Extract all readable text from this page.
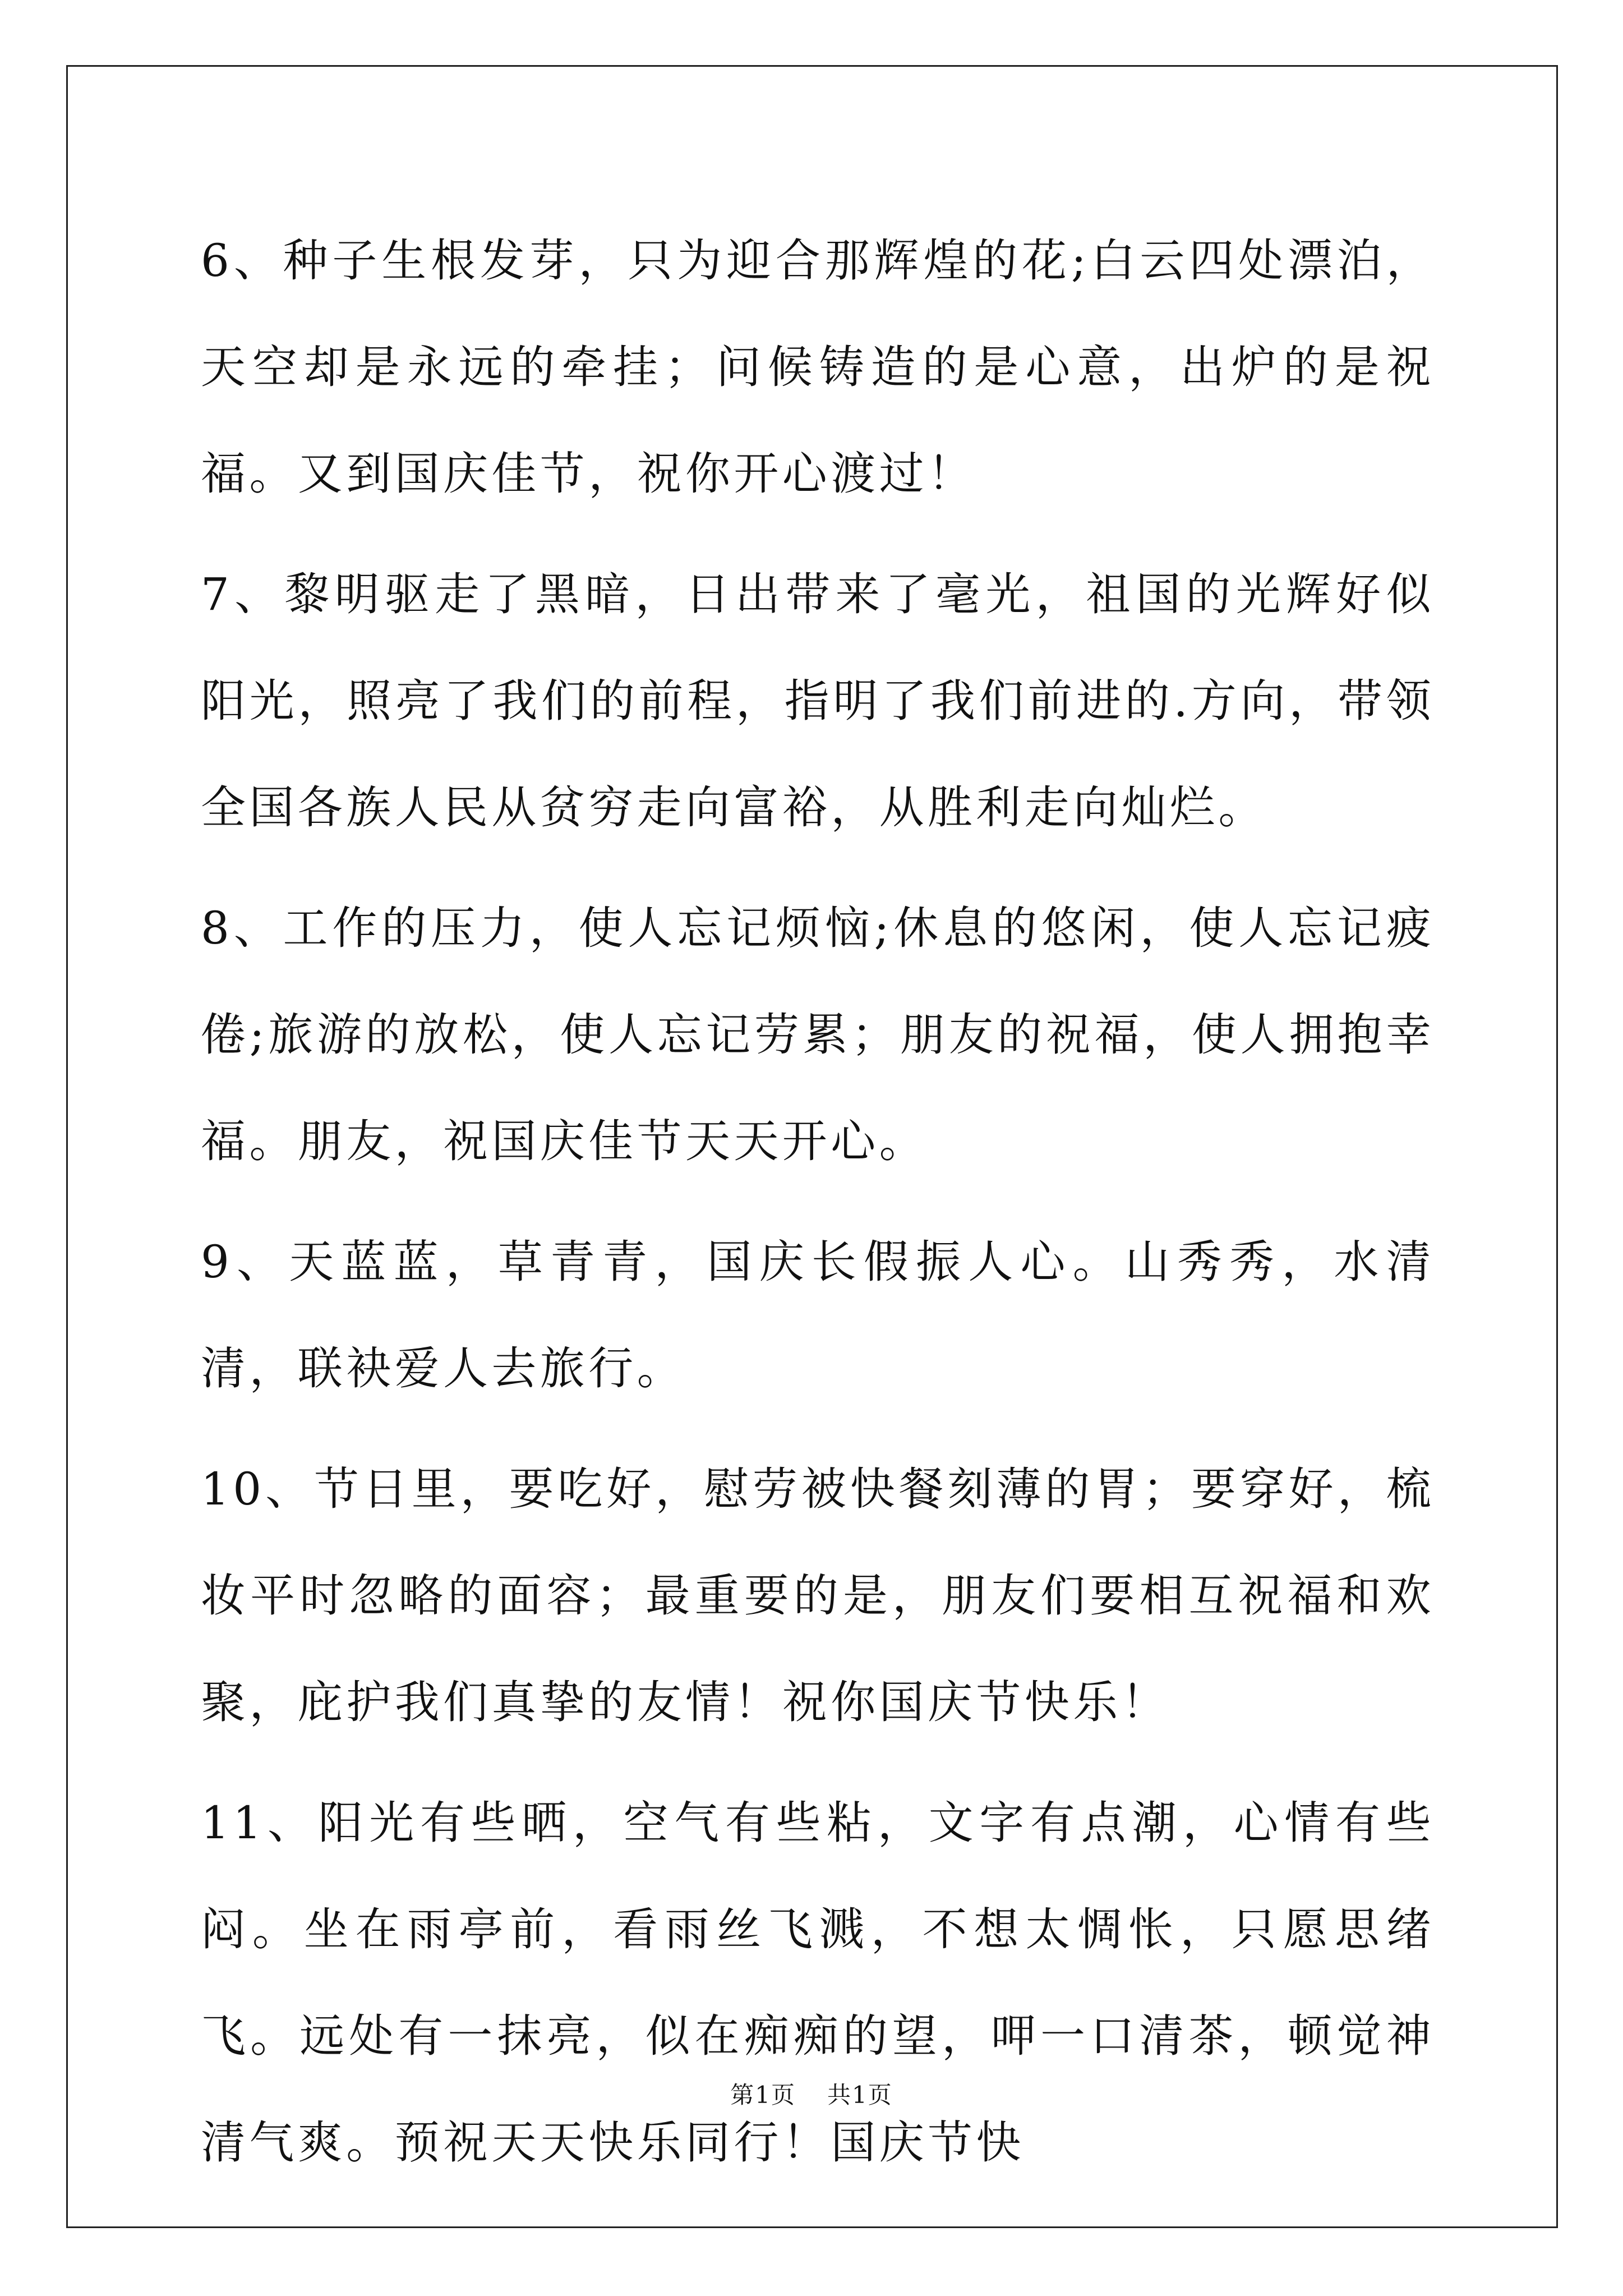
6、种子生根发芽，只为迎合那辉煌的花;白云四处漂泊，天空却是永远的牵挂；问候铸造的是心意，出炉的是祝福。又到国庆佳节，祝你开心渡过！

7、黎明驱走了黑暗，日出带来了毫光，祖国的光辉好似阳光，照亮了我们的前程，指明了我们前进的.方向，带领全国各族人民从贫穷走向富裕，从胜利走向灿烂。

8、工作的压力，使人忘记烦恼;休息的悠闲，使人忘记疲倦;旅游的放松，使人忘记劳累；朋友的祝福，使人拥抱幸福。朋友，祝国庆佳节天天开心。

9、天蓝蓝，草青青，国庆长假振人心。山秀秀，水清清，联袂爱人去旅行。

10、节日里，要吃好，慰劳被快餐刻薄的胃；要穿好，梳妆平时忽略的面容；最重要的是，朋友们要相互祝福和欢聚，庇护我们真挚的友情！祝你国庆节快乐！

11、阳光有些晒，空气有些粘，文字有点潮，心情有些闷。坐在雨亭前，看雨丝飞溅，不想太惆怅，只愿思绪飞。远处有一抹亮，似在痴痴的望，呷一口清茶，顿觉神清气爽。预祝天天快乐同行！国庆节快

第1页 共1页
